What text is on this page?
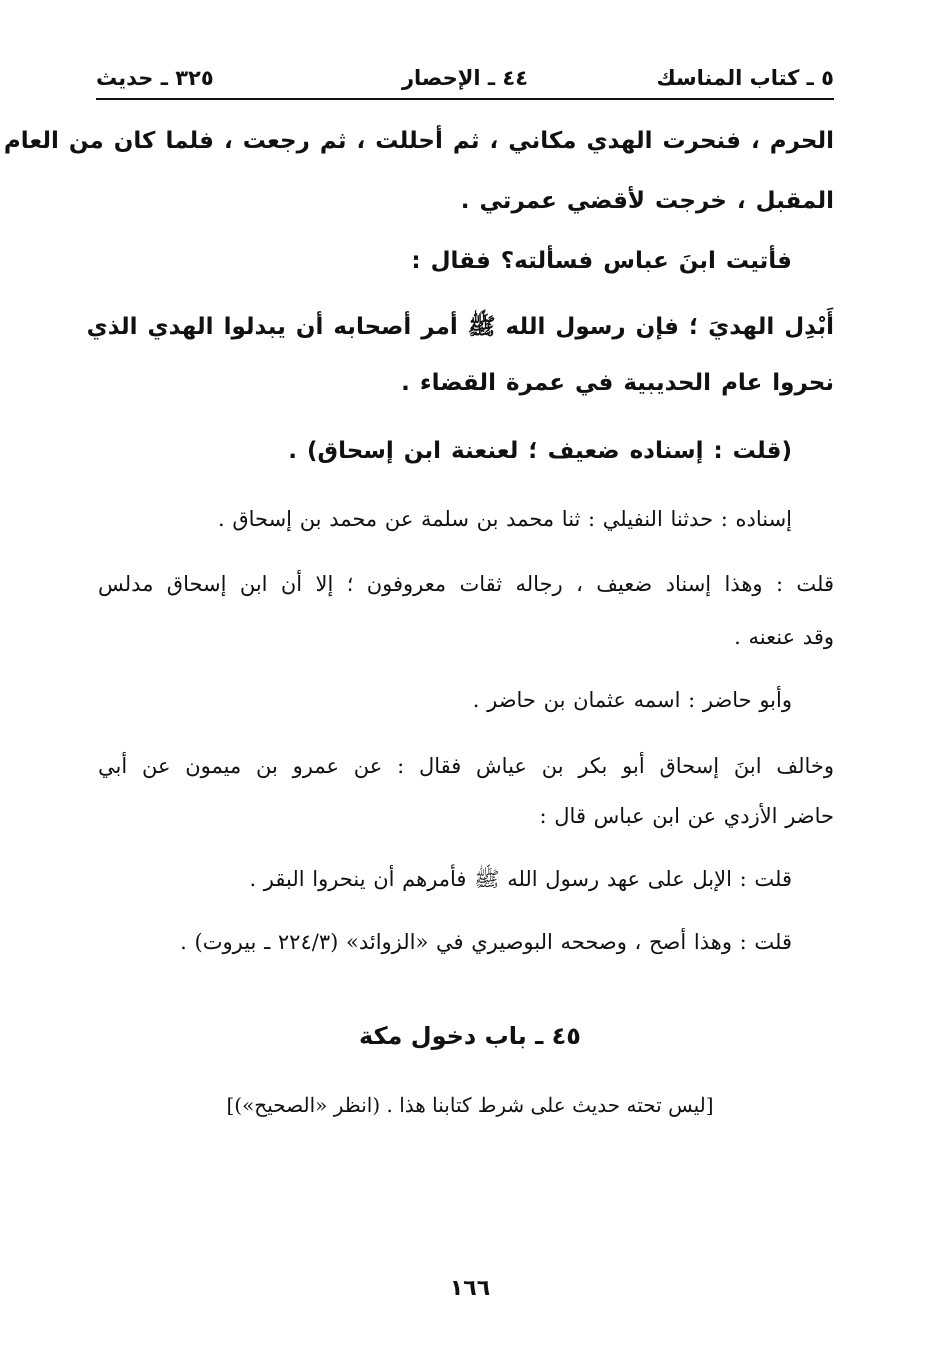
٥ ـ كتاب المناسك
٤٤ ـ الإحصار
٣٢٥ ـ حديث
الحرم ، فنحرت الهدي مكاني ، ثم أحللت ، ثم رجعت ، فلما كان من العام
المقبل ، خرجت لأقضي عمرتي .
فأتيت ابنَ عباس فسألته؟ فقال :
أَبْدِل الهديَ ؛ فإن رسول الله ﷺ أمر أصحابه أن يبدلوا الهدي الذي
نحروا عام الحديبية في عمرة القضاء .
(قلت : إسناده ضعيف ؛ لعنعنة ابن إسحاق) .
إسناده : حدثنا النفيلي : ثنا محمد بن سلمة عن محمد بن إسحاق .
قلت : وهذا إسناد ضعيف ، رجاله ثقات معروفون ؛ إلا أن ابن إسحاق مدلس
وقد عنعنه .
وأبو حاضر : اسمه عثمان بن حاضر .
وخالف ابنَ إسحاق أبو بكر بن عياش فقال : عن عمرو بن ميمون عن أبي
حاضر الأزدي عن ابن عباس قال :
قلت : الإبل على عهد رسول الله ﷺ فأمرهم أن ينحروا البقر .
قلت : وهذا أصح ، وصححه البوصيري في «الزوائد» (٢٢٤/٣ ـ بيروت) .
٤٥ ـ باب دخول مكة
[ليس تحته حديث على شرط كتابنا هذا . (انظر «الصحيح»)]
١٦٦
